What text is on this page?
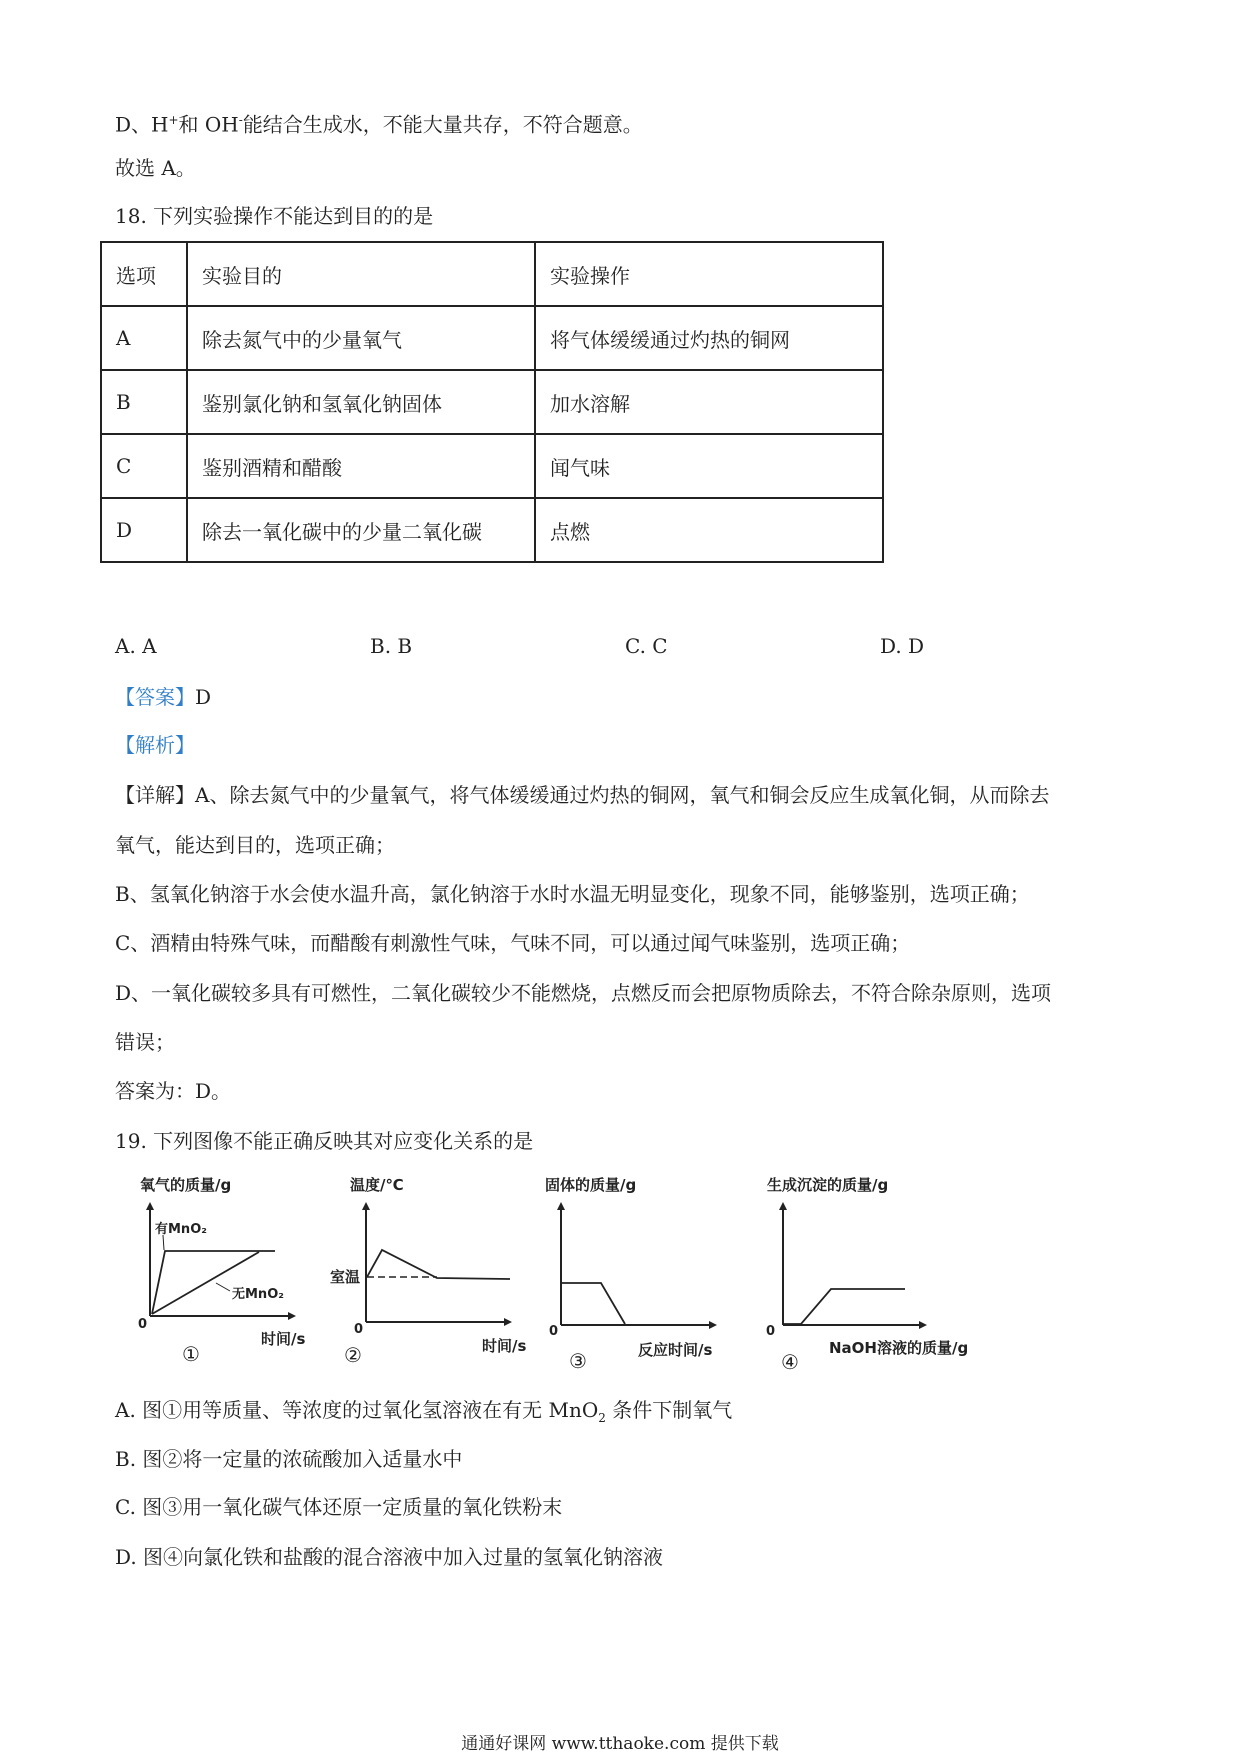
D、H+和 OH-能结合生成水，不能大量共存，不符合题意。
故选 A。
18. 下列实验操作不能达到目的的是
选项	实验目的	实验操作
A	除去氮气中的少量氧气	将气体缓缓通过灼热的铜网
B	鉴别氯化钠和氢氧化钠固体	加水溶解
C	鉴别酒精和醋酸	闻气味
D	除去一氧化碳中的少量二氧化碳	点燃
A. A	B. B	C. C	D. D
【答案】D
【解析】
【详解】A、除去氮气中的少量氧气，将气体缓缓通过灼热的铜网，氧气和铜会反应生成氧化铜，从而除去
氧气，能达到目的，选项正确；
B、氢氧化钠溶于水会使水温升高，氯化钠溶于水时水温无明显变化，现象不同，能够鉴别，选项正确；
C、酒精由特殊气味，而醋酸有刺激性气味，气味不同，可以通过闻气味鉴别，选项正确；
D、一氧化碳较多具有可燃性，二氧化碳较少不能燃烧，点燃反而会把原物质除去，不符合除杂原则，选项
错误；
答案为：D。
19. 下列图像不能正确反映其对应变化关系的是
氧气的质量/g
0
有MnO₂
无MnO₂
时间/s
①
温度/℃
0
室温
时间/s
②
固体的质量/g
0
反应时间/s
③
生成沉淀的质量/g
0
NaOH溶液的质量/g
④
A. 图①用等质量、等浓度的过氧化氢溶液在有无 MnO$_2$ 条件下制氧气
B. 图②将一定量的浓硫酸加入适量水中
C. 图③用一氧化碳气体还原一定质量的氧化铁粉末
D. 图④向氯化铁和盐酸的混合溶液中加入过量的氢氧化钠溶液
通通好课网 www.tthaoke.com 提供下载
